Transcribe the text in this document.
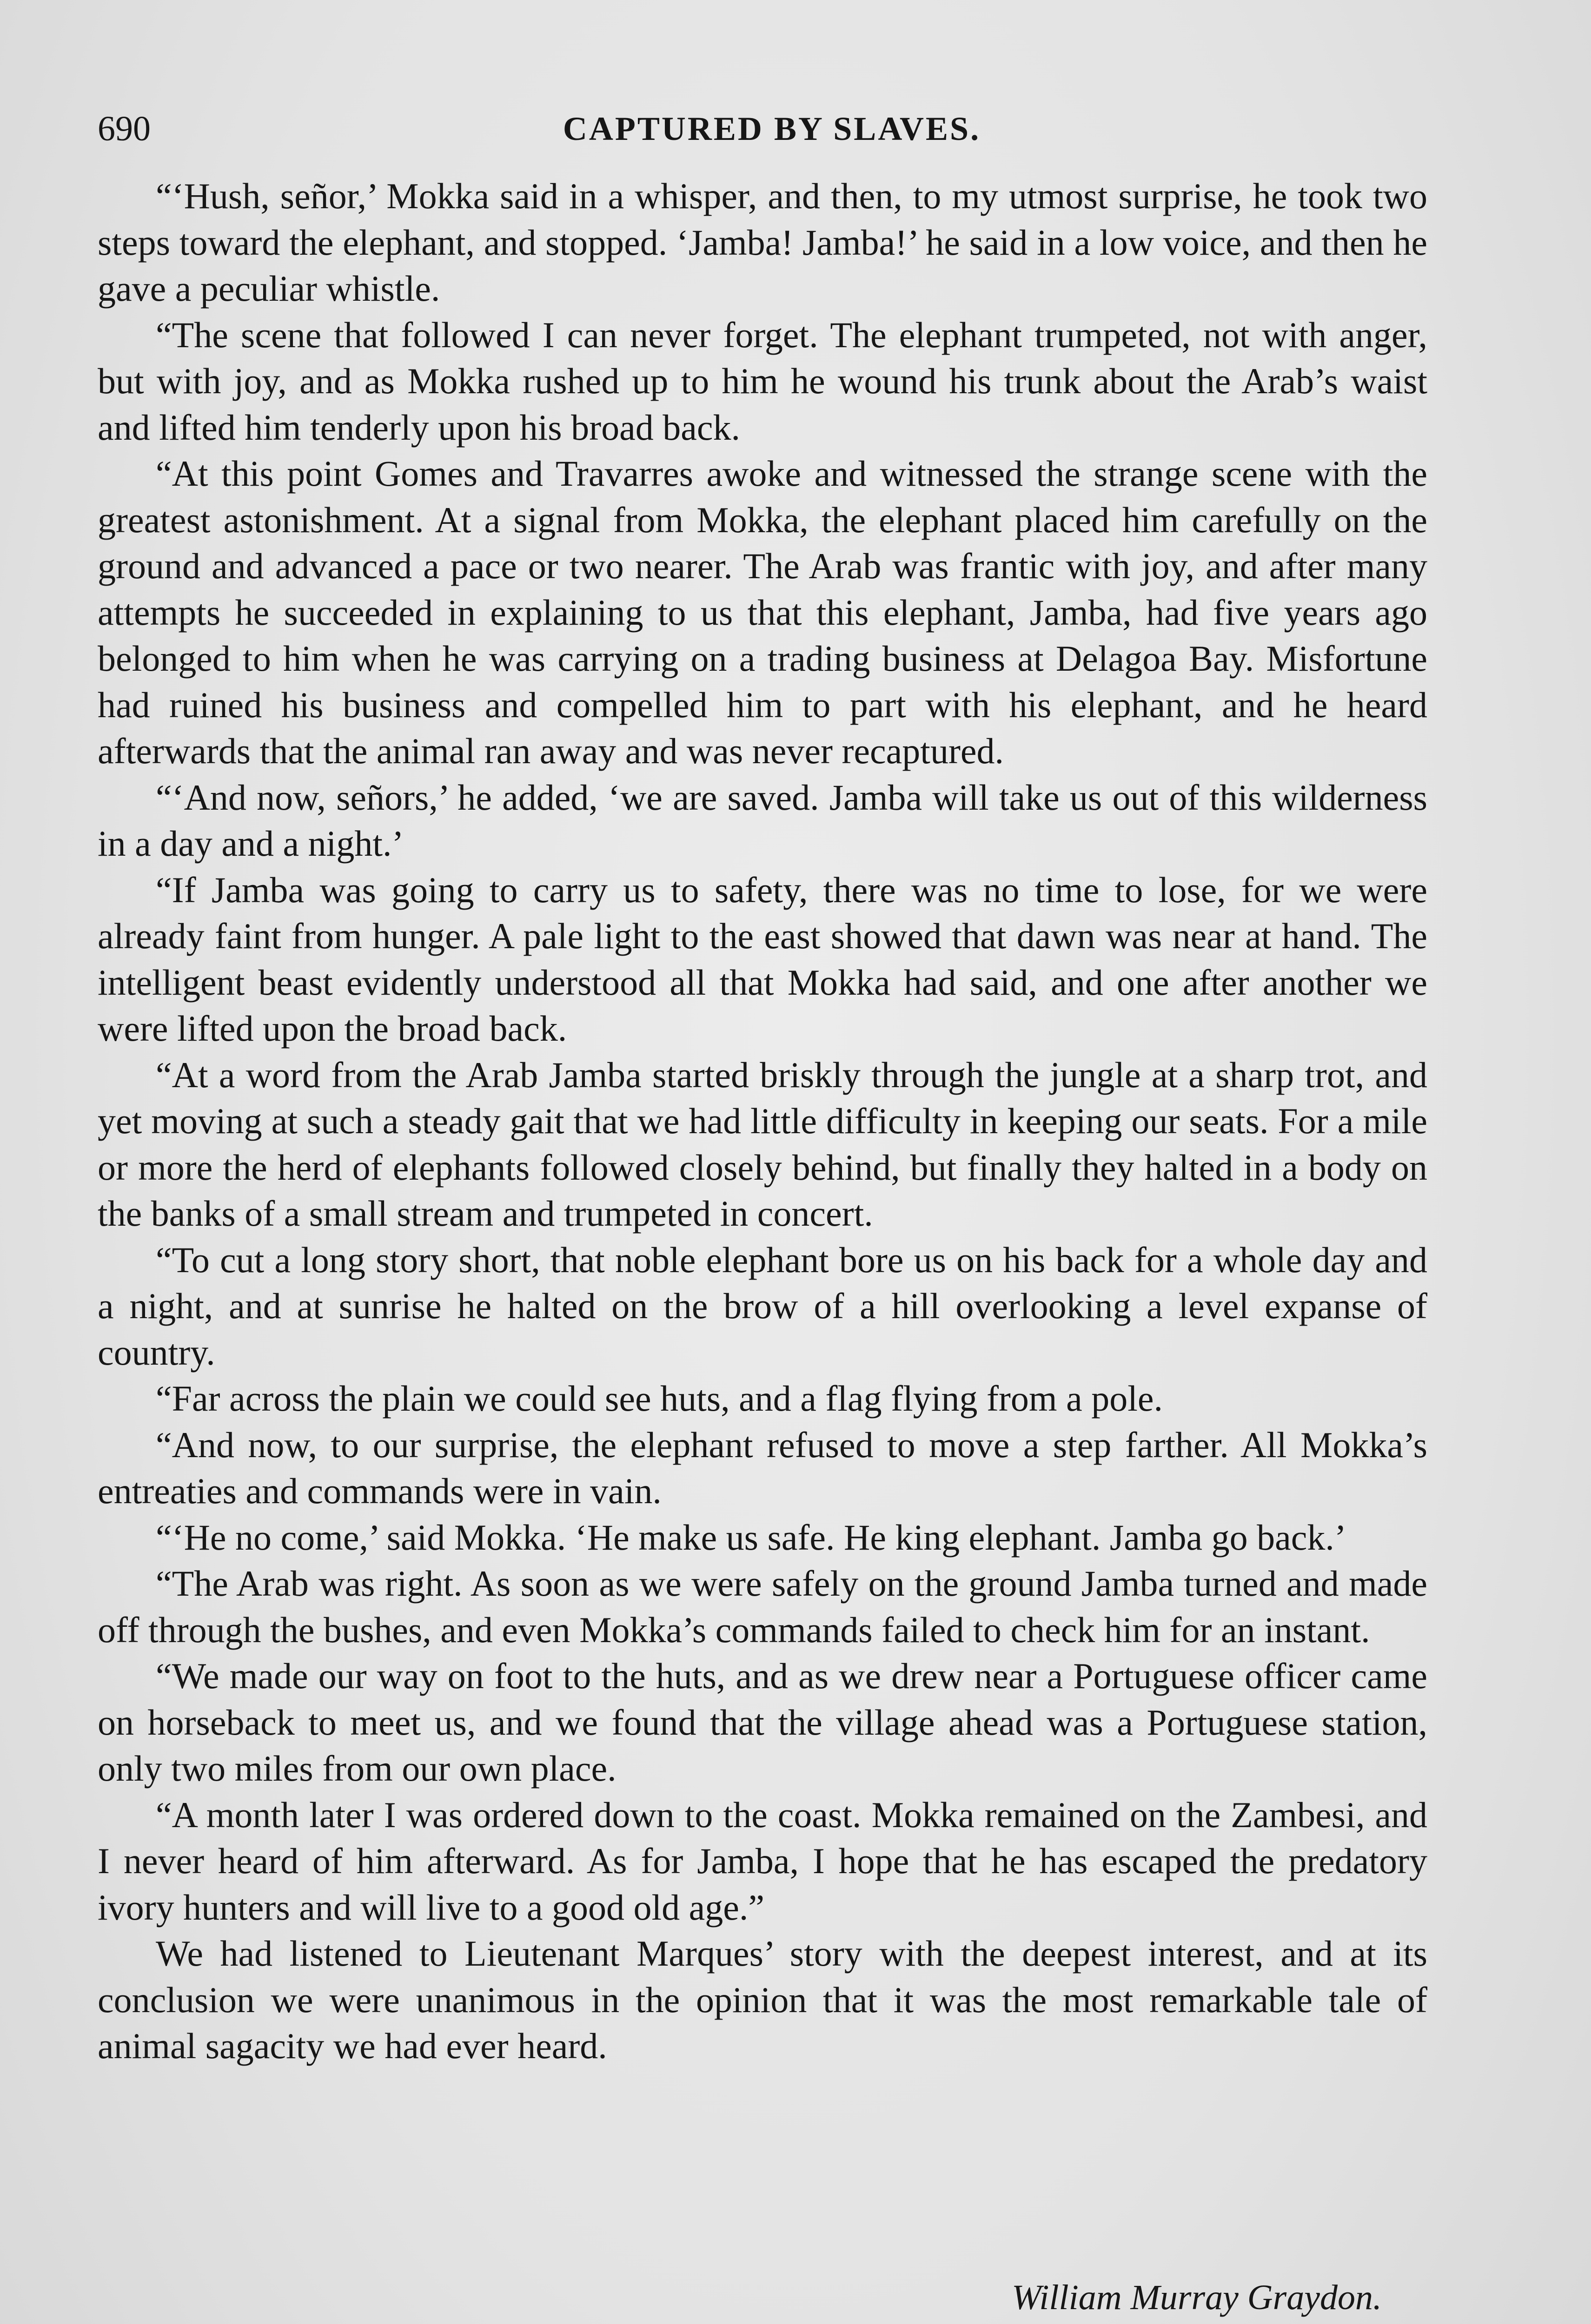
690	CAPTURED BY SLAVES.

“‘Hush, señor,’ Mokka said in a whisper, and then, to my utmost surprise, he took two steps toward the elephant, and stopped. ‘Jamba! Jamba!’ he said in a low voice, and then he gave a peculiar whistle.

“The scene that followed I can never forget. The elephant trumpeted, not with anger, but with joy, and as Mokka rushed up to him he wound his trunk about the Arab’s waist and lifted him tenderly upon his broad back.

“At this point Gomes and Travarres awoke and witnessed the strange scene with the greatest astonishment. At a signal from Mokka, the elephant placed him carefully on the ground and advanced a pace or two nearer. The Arab was frantic with joy, and after many attempts he succeeded in explaining to us that this elephant, Jamba, had five years ago belonged to him when he was carrying on a trading business at Delagoa Bay. Misfortune had ruined his business and compelled him to part with his elephant, and he heard afterwards that the animal ran away and was never recaptured.

“‘And now, señors,’ he added, ‘we are saved. Jamba will take us out of this wilderness in a day and a night.’

“If Jamba was going to carry us to safety, there was no time to lose, for we were already faint from hunger. A pale light to the east showed that dawn was near at hand. The intelligent beast evidently understood all that Mokka had said, and one after another we were lifted upon the broad back.

“At a word from the Arab Jamba started briskly through the jungle at a sharp trot, and yet moving at such a steady gait that we had little difficulty in keeping our seats. For a mile or more the herd of elephants followed closely behind, but finally they halted in a body on the banks of a small stream and trumpeted in concert.

“To cut a long story short, that noble elephant bore us on his back for a whole day and a night, and at sunrise he halted on the brow of a hill overlooking a level expanse of country.

“Far across the plain we could see huts, and a flag flying from a pole.

“And now, to our surprise, the elephant refused to move a step farther. All Mokka’s entreaties and commands were in vain.

“‘He no come,’ said Mokka. ‘He make us safe. He king elephant. Jamba go back.’

“The Arab was right. As soon as we were safely on the ground Jamba turned and made off through the bushes, and even Mokka’s commands failed to check him for an instant.

“We made our way on foot to the huts, and as we drew near a Portuguese officer came on horseback to meet us, and we found that the village ahead was a Portuguese station, only two miles from our own place.

“A month later I was ordered down to the coast. Mokka remained on the Zambesi, and I never heard of him afterward. As for Jamba, I hope that he has escaped the predatory ivory hunters and will live to a good old age.”

We had listened to Lieutenant Marques’ story with the deepest interest, and at its conclusion we were unanimous in the opinion that it was the most remarkable tale of animal sagacity we had ever heard.

William Murray Graydon.
